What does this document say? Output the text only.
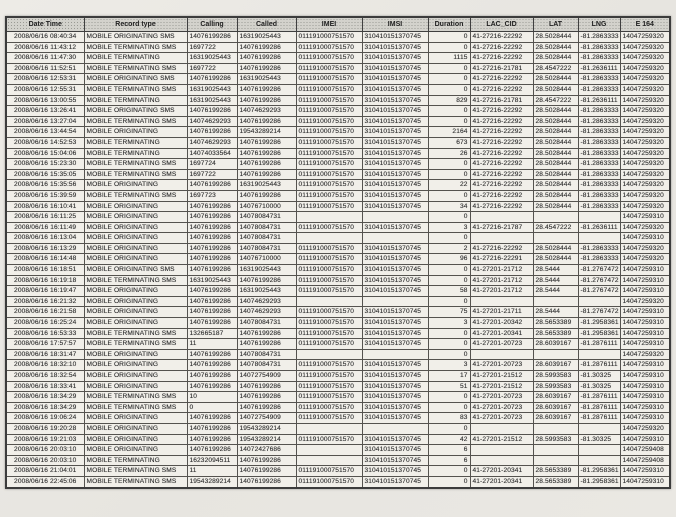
Date Time	Record type	Calling	Called	IMEI	IMSI	Duration	LAC_CID	LAT	LNG	E 164
2008/06/16 08:40:34	MOBILE ORIGINATING SMS	14076199286	16319025443	011191000751570	310410151370745	0	41-27216-22292	28.5028444	-81.2863333	14047259320
2008/06/16 11:43:12	MOBILE TERMINATING SMS	1697722	14076199286	011191000751570	310410151370745	0	41-27216-22292	28.5028444	-81.2863333	14047259320
2008/06/16 11:47:30	MOBILE TERMINATING	16319025443	14076199286	011191000751570	310410151370745	1115	41-27216-22292	28.5028444	-81.2863333	14047259320
2008/06/16 11:52:51	MOBILE TERMINATING SMS	1697722	14076199286	011191000751570	310410151370745	0	41-27216-21781	28.4547222	-81.2636111	14047259320
2008/06/16 12:53:31	MOBILE ORIGINATING SMS	14076199286	16319025443	011191000751570	310410151370745	0	41-27216-22292	28.5028444	-81.2863333	14047259320
2008/06/16 12:55:31	MOBILE TERMINATING SMS	16319025443	14076199286	011191000751570	310410151370745	0	41-27216-22292	28.5028444	-81.2863333	14047259320
2008/06/16 13:00:55	MOBILE TERMINATING	16319025443	14076199286	011191000751570	310410151370745	829	41-27216-21781	28.4547222	-81.2636111	14047259320
2008/06/16 13:26:41	MOBILE ORIGINATING SMS	14076199286	14074629293	011191000751570	310410151370745	0	41-27216-22292	28.5028444	-81.2863333	14047259320
2008/06/16 13:27:04	MOBILE TERMINATING SMS	14074629293	14076199286	011191000751570	310410151370745	0	41-27216-22292	28.5028444	-81.2863333	14047259320
2008/06/16 13:44:54	MOBILE ORIGINATING	14076199286	19543289214	011191000751570	310410151370745	2164	41-27216-22292	28.5028444	-81.2863333	14047259320
2008/06/16 14:52:53	MOBILE TERMINATING	14074629293	14076199286	011191000751570	310410151370745	673	41-27216-22292	28.5028444	-81.2863333	14047259320
2008/06/16 15:04:06	MOBILE TERMINATING	14074033564	14076199286	011191000751570	310410151370745	26	41-27216-22292	28.5028444	-81.2863333	14047259320
2008/06/16 15:23:30	MOBILE TERMINATING SMS	1697724	14076199286	011191000751570	310410151370745	0	41-27216-22292	28.5028444	-81.2863333	14047259320
2008/06/16 15:35:05	MOBILE TERMINATING SMS	1697722	14076199286	011191000751570	310410151370745	0	41-27216-22292	28.5028444	-81.2863333	14047259320
2008/06/16 15:35:56	MOBILE ORIGINATING	14076199286	16319025443	011191000751570	310410151370745	22	41-27216-22292	28.5028444	-81.2863333	14047259320
2008/06/16 15:39:59	MOBILE TERMINATING SMS	1697723	14076199286	011191000751570	310410151370745	0	41-27216-22292	28.5028444	-81.2863333	14047259320
2008/06/16 16:10:41	MOBILE ORIGINATING	14076199286	14076710000	011191000751570	310410151370745	34	41-27216-22292	28.5028444	-81.2863333	14047259320
2008/06/16 16:11:25	MOBILE ORIGINATING	14076199286	14078084731			0				14047259310
2008/06/16 16:11:49	MOBILE ORIGINATING	14076199286	14078084731	011191000751570	310410151370745	3	41-27216-21787	28.4547222	-81.2636111	14047259320
2008/06/16 16:13:04	MOBILE ORIGINATING	14076199286	14078084731			0				14047259310
2008/06/16 16:13:29	MOBILE ORIGINATING	14076199286	14078084731	011191000751570	310410151370745	2	41-27216-22292	28.5028444	-81.2863333	14047259320
2008/06/16 16:14:48	MOBILE ORIGINATING	14076199286	14076710000	011191000751570	310410151370745	96	41-27216-22291	28.5028444	-81.2863333	14047259320
2008/06/16 16:18:51	MOBILE ORIGINATING SMS	14076199286	16319025443	011191000751570	310410151370745	0	41-27201-21712	28.5444	-81.2767472	14047259310
2008/06/16 16:19:18	MOBILE TERMINATING SMS	16319025443	14076199286	011191000751570	310410151370745	0	41-27201-21712	28.5444	-81.2767472	14047259310
2008/06/16 16:19:47	MOBILE ORIGINATING	14076199286	16319025443	011191000751570	310410151370745	58	41-27201-21712	28.5444	-81.2767472	14047259310
2008/06/16 16:21:32	MOBILE ORIGINATING	14076199286	14074629293			0				14047259320
2008/06/16 16:21:58	MOBILE ORIGINATING	14076199286	14074629293	011191000751570	310410151370745	75	41-27201-21711	28.5444	-81.2767472	14047259310
2008/06/16 16:25:24	MOBILE ORIGINATING	14076199286	14078084731	011191000751570	310410151370745	3	41-27201-20342	28.5653389	-81.2958361	14047259310
2008/06/16 16:53:33	MOBILE TERMINATING SMS	132665187	14076199286	011191000751570	310410151370745	0	41-27201-20341	28.5653389	-81.2958361	14047259310
2008/06/16 17:57:57	MOBILE TERMINATING SMS	11	14076199286	011191000751570	310410151370745	0	41-27201-20723	28.6039167	-81.2876111	14047259310
2008/06/16 18:31:47	MOBILE ORIGINATING	14076199286	14078084731			0				14047259320
2008/06/16 18:32:10	MOBILE ORIGINATING	14076199286	14078084731	011191000751570	310410151370745	3	41-27201-20723	28.6039167	-81.2876111	14047259310
2008/06/16 18:32:54	MOBILE ORIGINATING	14076199286	14072754909	011191000751570	310410151370745	17	41-27201-21512	28.5993583	-81.30325	14047259310
2008/06/16 18:33:41	MOBILE ORIGINATING	14076199286	14076199286	011191000751570	310410151370745	51	41-27201-21512	28.5993583	-81.30325	14047259310
2008/06/16 18:34:29	MOBILE TERMINATING SMS	10	14076199286	011191000751570	310410151370745	0	41-27201-20723	28.6039167	-81.2876111	14047259310
2008/06/16 18:34:29	MOBILE TERMINATING SMS	0	14076199286	011191000751570	310410151370745	0	41-27201-20723	28.6039167	-81.2876111	14047259310
2008/06/16 19:06:24	MOBILE ORIGINATING	14076199286	14072754909	011191000751570	310410151370745	83	41-27201-20723	28.6039167	-81.2876111	14047259310
2008/06/16 19:20:28	MOBILE ORIGINATING	14076199286	19543289214			0				14047259320
2008/06/16 19:21:03	MOBILE ORIGINATING	14076199286	19543289214	011191000751570	310410151370745	42	41-27201-21512	28.5993583	-81.30325	14047259310
2008/06/16 20:03:10	MOBILE ORIGINATING	14076199286	14072427686		310410151370745	6				14047259408
2008/06/16 20:03:10	MOBILE TERMINATING	16232094511	14076199286		310410151370745	6				14047259408
2008/06/16 21:04:01	MOBILE TERMINATING SMS	11	14076199286	011191000751570	310410151370745	0	41-27201-20341	28.5653389	-81.2958361	14047259310
2008/06/16 22:45:06	MOBILE TERMINATING SMS	19543289214	14076199286	011191000751570	310410151370745	0	41-27201-20341	28.5653389	-81.2958361	14047259310
